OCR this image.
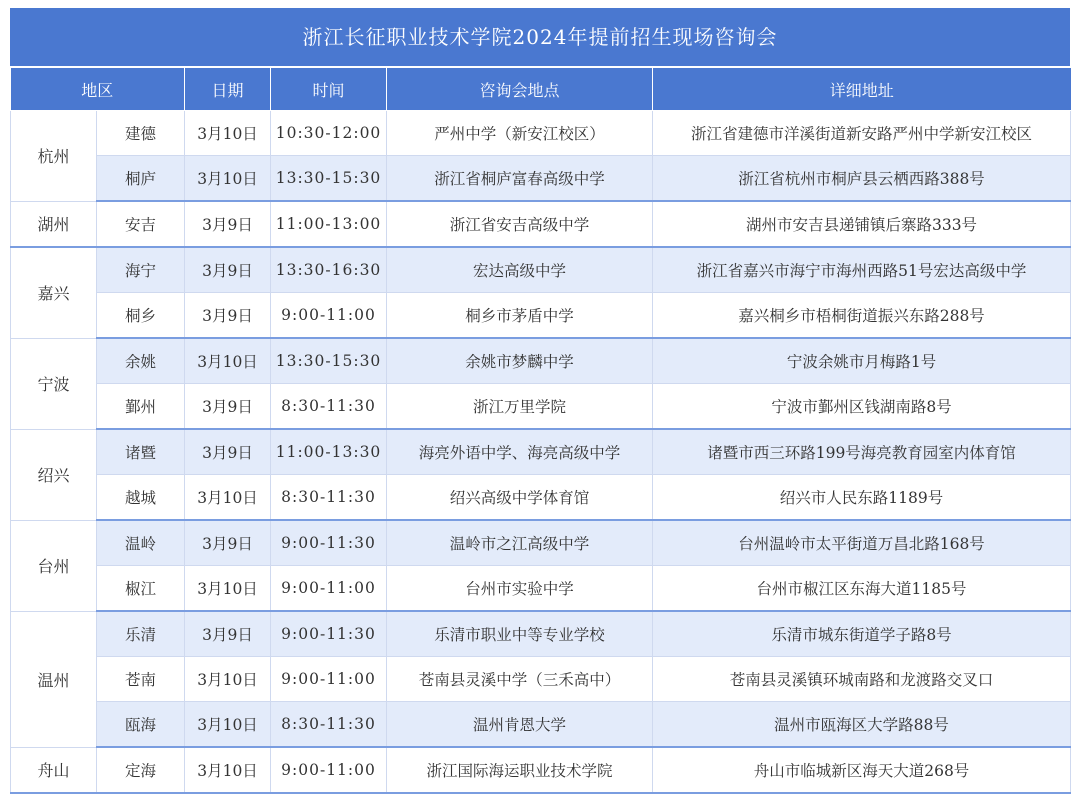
浙江长征职业技术学院2024年提前招生现场咨询会
地区		日期	时间	咨询会地点	详细地址
杭州	建德	3月10日	10:30-12:00	严州中学（新安江校区）	浙江省建德市洋溪街道新安路严州中学新安江校区
	桐庐	3月10日	13:30-15:30	浙江省桐庐富春高级中学	浙江省杭州市桐庐县云栖西路388号
湖州	安吉	3月9日	11:00-13:00	浙江省安吉高级中学	湖州市安吉县递铺镇后寨路333号
嘉兴	海宁	3月9日	13:30-16:30	宏达高级中学	浙江省嘉兴市海宁市海州西路51号宏达高级中学
	桐乡	3月9日	9:00-11:00	桐乡市茅盾中学	嘉兴桐乡市梧桐街道振兴东路288号
宁波	余姚	3月10日	13:30-15:30	余姚市梦麟中学	宁波余姚市月梅路1号
	鄞州	3月9日	8:30-11:30	浙江万里学院	宁波市鄞州区钱湖南路8号
绍兴	诸暨	3月9日	11:00-13:30	海亮外语中学、海亮高级中学	诸暨市西三环路199号海亮教育园室内体育馆
	越城	3月10日	8:30-11:30	绍兴高级中学体育馆	绍兴市人民东路1189号
台州	温岭	3月9日	9:00-11:30	温岭市之江高级中学	台州温岭市太平街道万昌北路168号
	椒江	3月10日	9:00-11:00	台州市实验中学	台州市椒江区东海大道1185号
温州	乐清	3月9日	9:00-11:30	乐清市职业中等专业学校	乐清市城东街道学子路8号
	苍南	3月10日	9:00-11:00	苍南县灵溪中学（三禾高中）	苍南县灵溪镇环城南路和龙渡路交叉口
	瓯海	3月10日	8:30-11:30	温州肯恩大学	温州市瓯海区大学路88号
舟山	定海	3月10日	9:00-11:00	浙江国际海运职业技术学院	舟山市临城新区海天大道268号
